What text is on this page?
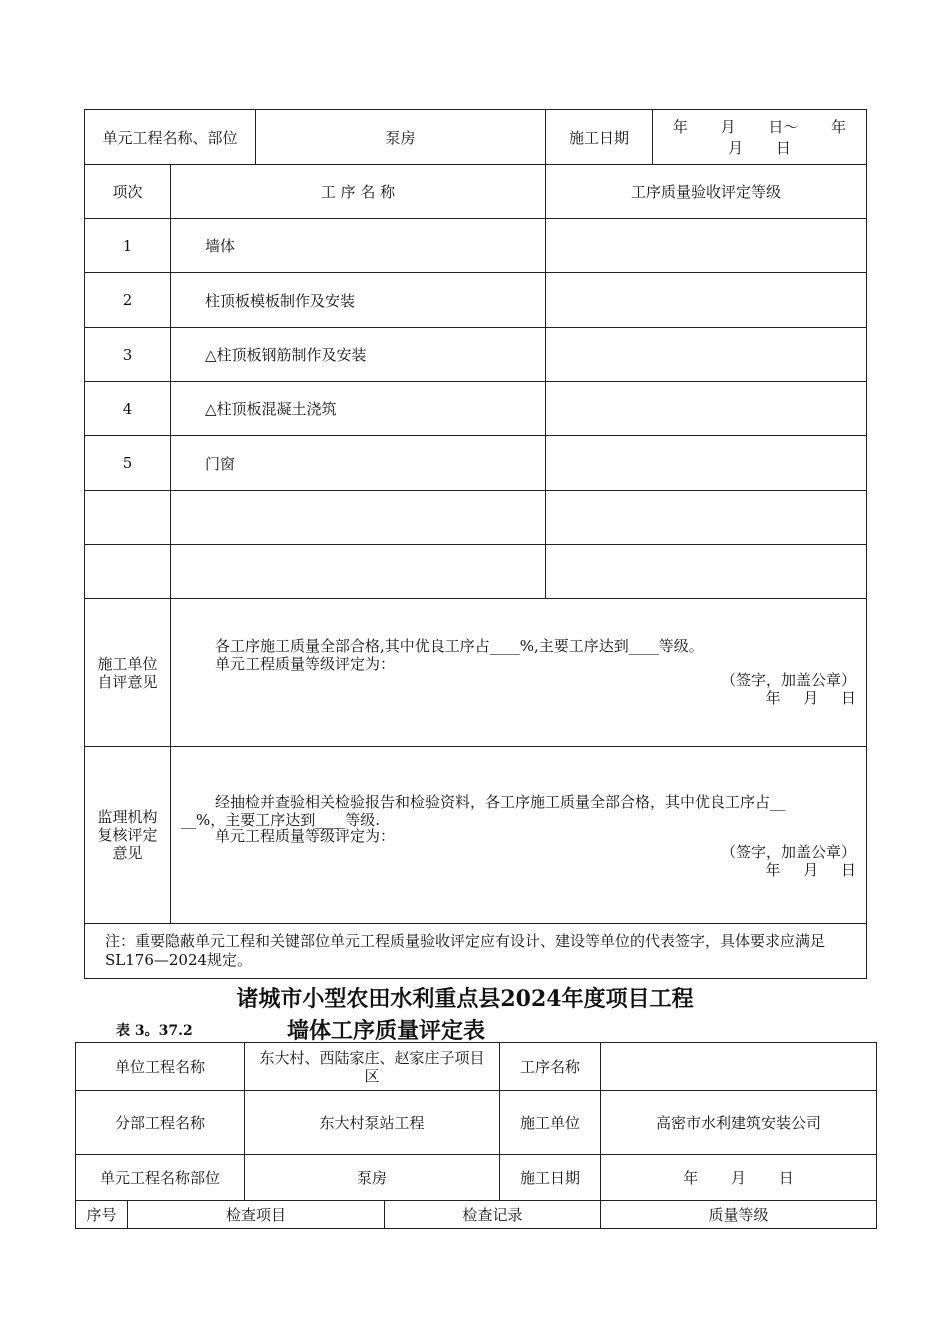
单元工程名称、部位		泵房	施工日期	年 月 日～ 年 月 日
项次	工 序 名 称		工序质量验收评定等级	
1	墙体			
2	柱顶板模板制作及安装			
3	△柱顶板钢筋制作及安装			
4	△柱顶板混凝土浇筑			
5	门窗			

施工单位自评意见	各工序施工质量全部合格,其中优良工序占____%,主要工序达到____等级。
单元工程质量等级评定为：
（签字，加盖公章）
年 月 日			

监理机构复核评定意见	经抽检并查验相关检验报告和检验资料，各工序施工质量全部合格，其中优良工序占__
__%，主要工序达到____等级.
单元工程质量等级评定为：
（签字，加盖公章）
年 月 日			

注：重要隐蔽单元工程和关键部位单元工程质量验收评定应有设计、建设等单位的代表签字，具体要求应满足SL176—2024规定。				
诸城市小型农田水利重点县2024年度项目工程
表 3。37.2	墙体工序质量评定表
单位工程名称		东大村、西陆家庄、赵家庄子项目区		工序名称	
分部工程名称		东大村泵站工程		施工单位	高密市水利建筑安装公司
单元工程名称部位		泵房		施工日期	年 月 日
序号	检查项目		检查记录		质量等级
